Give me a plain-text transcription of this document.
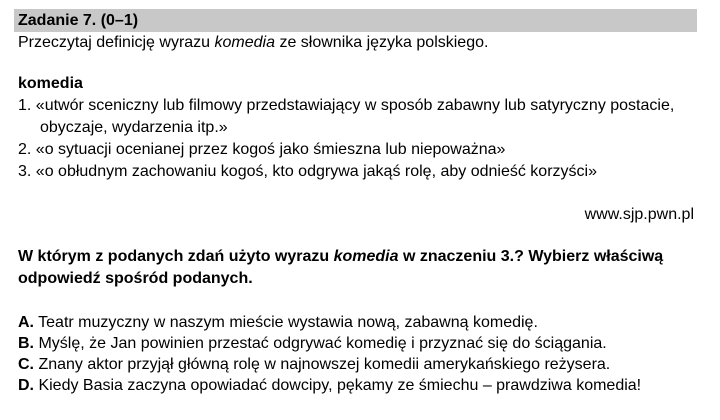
Zadanie 7. (0–1)
Przeczytaj definicję wyrazu komedia ze słownika języka polskiego.
komedia
1. «utwór sceniczny lub filmowy przedstawiający w sposób zabawny lub satyryczny postacie,
obyczaje, wydarzenia itp.»
2. «o sytuacji ocenianej przez kogoś jako śmieszna lub niepoważna»
3. «o obłudnym zachowaniu kogoś, kto odgrywa jakąś rolę, aby odnieść korzyści»
www.sjp.pwn.pl
W którym z podanych zdań użyto wyrazu komedia w znaczeniu 3.? Wybierz właściwą
odpowiedź spośród podanych.
A. Teatr muzyczny w naszym mieście wystawia nową, zabawną komedię.
B. Myślę, że Jan powinien przestać odgrywać komedię i przyznać się do ściągania.
C. Znany aktor przyjął główną rolę w najnowszej komedii amerykańskiego reżysera.
D. Kiedy Basia zaczyna opowiadać dowcipy, pękamy ze śmiechu – prawdziwa komedia!
